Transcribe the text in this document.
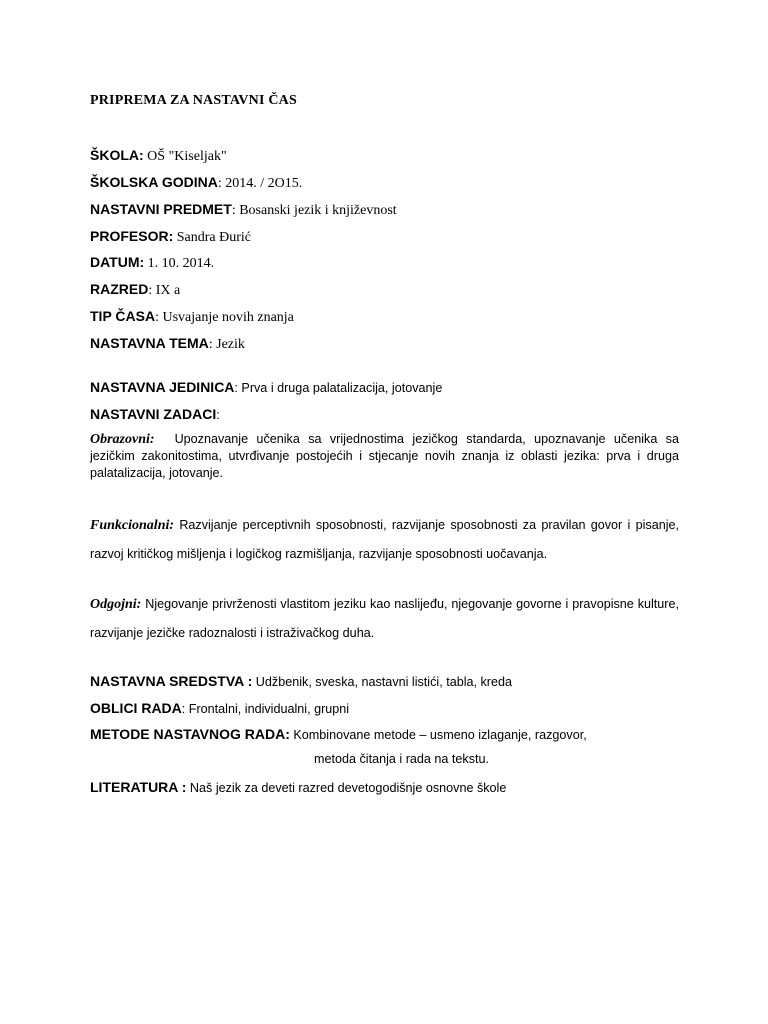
PRIPREMA ZA NASTAVNI ČAS
ŠKOLA: OŠ "Kiseljak"
ŠKOLSKA GODINA: 2014. / 2O15.
NASTAVNI PREDMET: Bosanski jezik i književnost
PROFESOR: Sandra Đurić
DATUM: 1. 10. 2014.
RAZRED: IX a
TIP ČASA: Usvajanje novih znanja
NASTAVNA TEMA: Jezik
NASTAVNA JEDINICA: Prva i druga palatalizacija, jotovanje
NASTAVNI ZADACI:
Obrazovni: Upoznavanje učenika sa vrijednostima jezičkog standarda, upoznavanje učenika sa jezičkim zakonitostima, utvrđivanje postojećih i stjecanje novih znanja iz oblasti jezika: prva i druga palatalizacija, jotovanje.
Funkcionalni: Razvijanje perceptivnih sposobnosti, razvijanje sposobnosti za pravilan govor i pisanje, razvoj kritičkog mišljenja i logičkog razmišljanja, razvijanje sposobnosti uočavanja.
Odgojni: Njegovanje privrženosti vlastitom jeziku kao naslijeđu, njegovanje govorne i pravopisne kulture, razvijanje jezičke radoznalosti i istraživačkog duha.
NASTAVNA SREDSTVA : Udžbenik, sveska, nastavni listići, tabla, kreda
OBLICI RADA: Frontalni, individualni, grupni
METODE NASTAVNOG RADA: Kombinovane metode – usmeno izlaganje, razgovor,
metoda čitanja i rada na tekstu.
LITERATURA : Naš jezik za deveti razred devetogodišnje osnovne škole
